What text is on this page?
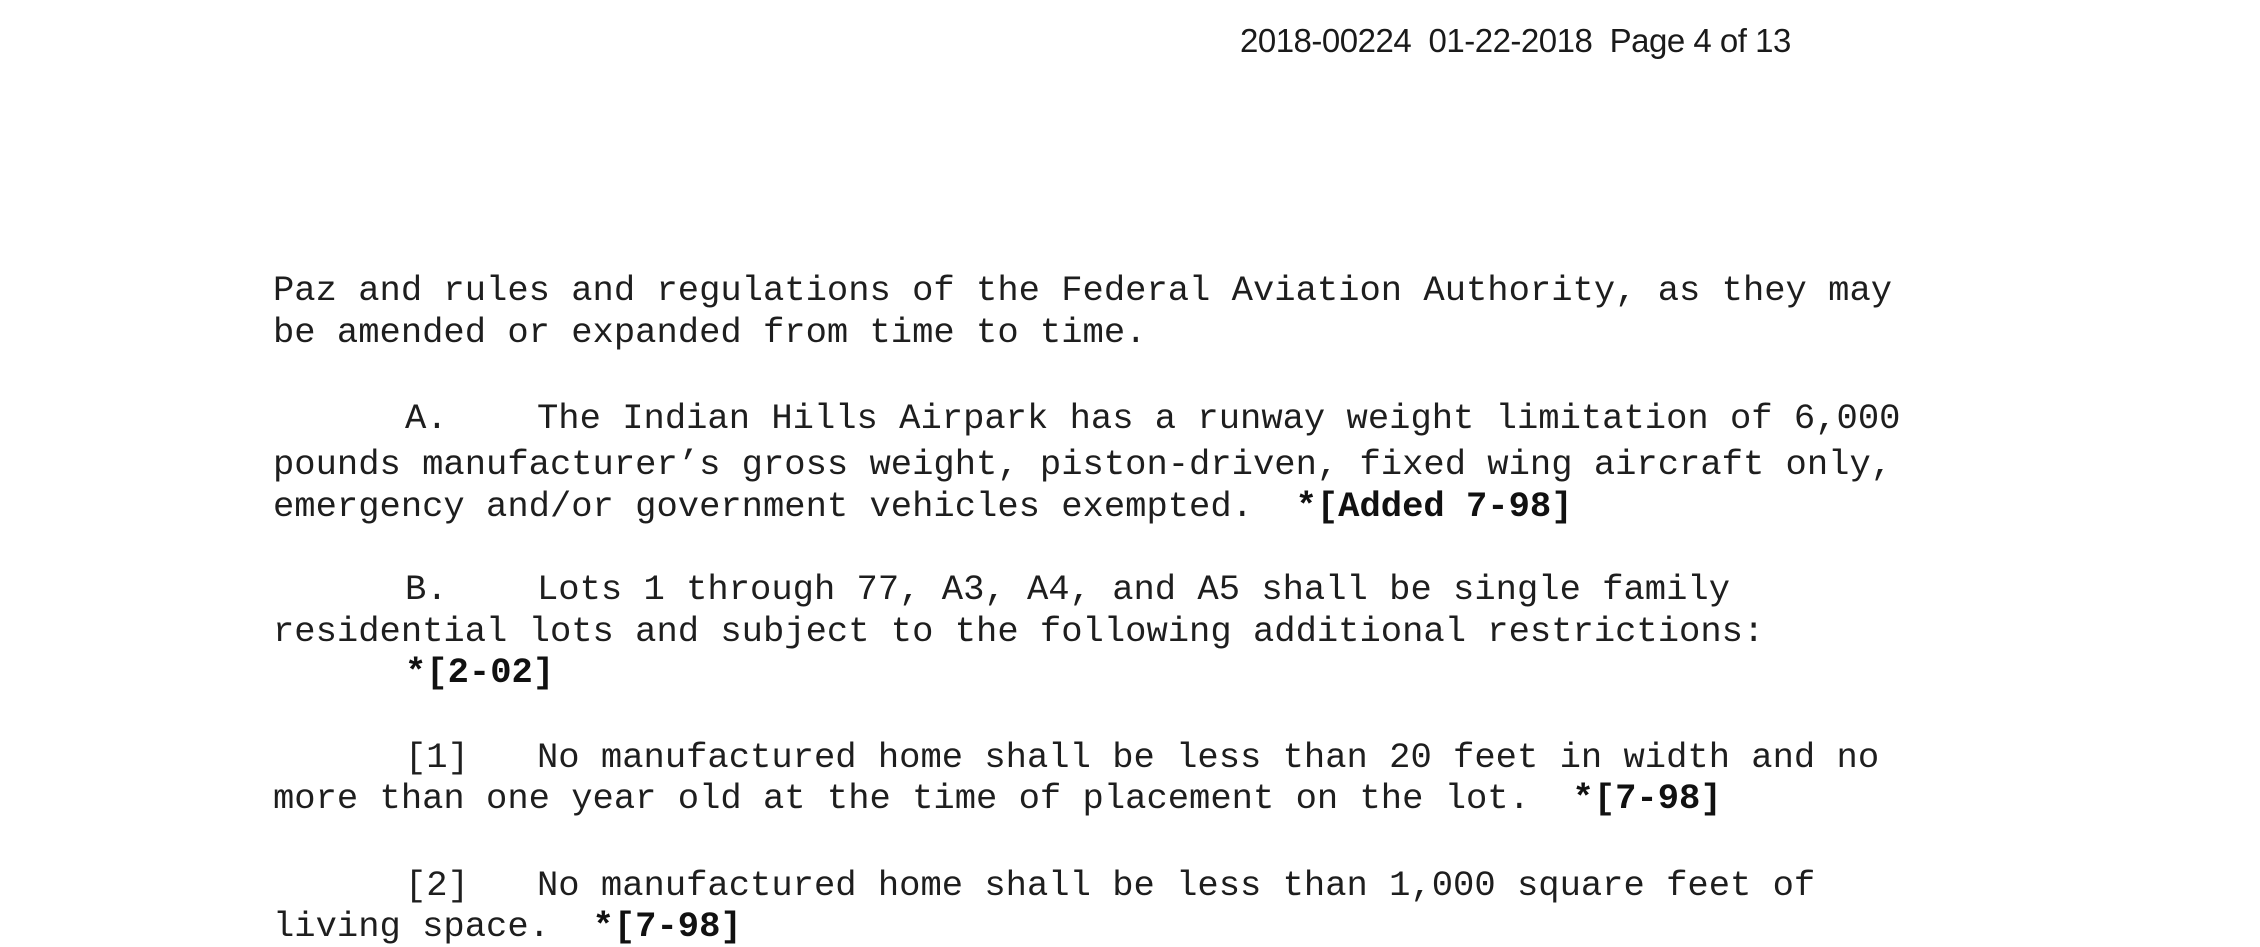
2018-00224 01-22-2018 Page 4 of 13

Paz and rules and regulations of the Federal Aviation Authority, as they may

be amended or expanded from time to time.

A.	The Indian Hills Airpark has a runway weight limitation of 6,000

pounds manufacturer’s gross weight, piston-driven, fixed wing aircraft only,

emergency and/or government vehicles exempted.  *[Added 7-98]

B.	Lots 1 through 77, A3, A4, and A5 shall be single family

residential lots and subject to the following additional restrictions:

*[2-02]

[1] No manufactured home shall be less than 20 feet in width and no

more than one year old at the time of placement on the lot.  *[7-98]

[2] No manufactured home shall be less than 1,000 square feet of

living space.  *[7-98]
